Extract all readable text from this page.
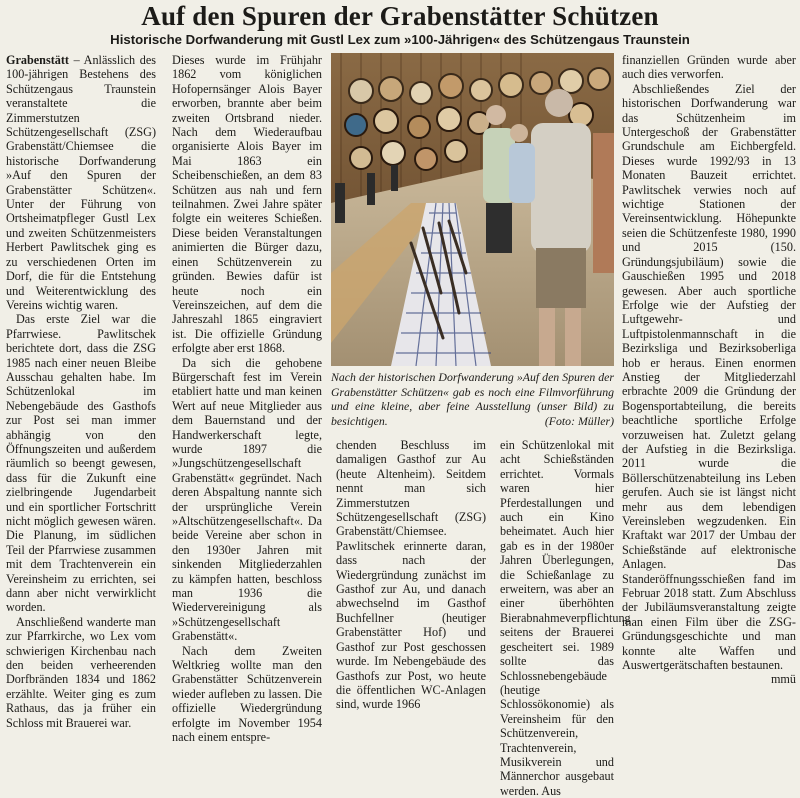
Auf den Spuren der Grabenstätter Schützen
Historische Dorfwanderung mit Gustl Lex zum »100-Jährigen« des Schützengaus Traunstein

Grabenstätt – Anlässlich des 100-jährigen Bestehens des Schützengaus Traunstein veranstaltete die Zimmerstutzen Schützengesellschaft (ZSG) Grabenstätt/Chiemsee die historische Dorfwanderung »Auf den Spuren der Grabenstätter Schützen«. Unter der Führung von Ortsheimatpfleger Gustl Lex und zweiten Schützenmeisters Herbert Pawlitschek ging es zu verschiedenen Orten im Dorf, die für die Entstehung und Weiterentwicklung des Vereins wichtig waren.

Das erste Ziel war die Pfarrwiese. Pawlitschek berichtete dort, dass die ZSG 1985 nach einer neuen Bleibe Ausschau gehalten habe. Im Schützenlokal im Nebengebäude des Gasthofs zur Post sei man immer abhängig von den Öffnungszeiten und außerdem räumlich so beengt gewesen, dass für die Zukunft eine zielbringende Jugendarbeit und ein sportlicher Fortschritt nicht möglich gewesen wären. Die Planung, im südlichen Teil der Pfarrwiese zusammen mit dem Trachtenverein ein Vereinsheim zu errichten, sei dann aber nicht verwirklicht worden.

Anschließend wanderte man zur Pfarrkirche, wo Lex vom schwierigen Kirchenbau nach den beiden verheerenden Dorfbränden 1834 und 1862 erzählte. Weiter ging es zum Rathaus, das ja früher ein Schloss mit Brauerei war.

Dieses wurde im Frühjahr 1862 vom königlichen Hofopernsänger Alois Bayer erworben, brannte aber beim zweiten Ortsbrand nieder. Nach dem Wiederaufbau organisierte Alois Bayer im Mai 1863 ein Scheibenschießen, an dem 83 Schützen aus nah und fern teilnahmen. Zwei Jahre später folgte ein weiteres Schießen. Diese beiden Veranstaltungen animierten die Bürger dazu, einen Schützenverein zu gründen. Bewies dafür ist heute noch ein Vereinszeichen, auf dem die Jahreszahl 1865 eingraviert ist. Die offizielle Gründung erfolgte aber erst 1868.

Da sich die gehobene Bürgerschaft fest im Verein etabliert hatte und man keinen Wert auf neue Mitglieder aus dem Bauernstand und der Handwerkerschaft legte, wurde 1897 die »Jungschützengesellschaft Grabenstätt« gegründet. Nach deren Abspaltung nannte sich der ursprüngliche Verein »Altschützengesellschaft«. Da beide Vereine aber schon in den 1930er Jahren mit sinkenden Mitgliederzahlen zu kämpfen hatten, beschloss man 1936 die Wiedervereinigung als »Schützengesellschaft Grabenstätt«.

Nach dem Zweiten Weltkrieg wollte man den Grabenstätter Schützenverein wieder aufleben zu lassen. Die offizielle Wiedergründung erfolgte im November 1954 nach einem entspre-

Nach der historischen Dorfwanderung »Auf den Spuren der Grabenstätter Schützen« gab es noch eine Filmvorführung und eine kleine, aber feine Ausstellung (unser Bild) zu besichtigen.	(Foto: Müller)

chenden Beschluss im damaligen Gasthof zur Au (heute Altenheim). Seitdem nennt man sich Zimmerstutzen Schützengesellschaft (ZSG) Grabenstätt/Chiemsee. Pawlitschek erinnerte daran, dass nach der Wiedergründung zunächst im Gasthof zur Au, und danach abwechselnd im Gasthof Buchfellner (heutiger Grabenstätter Hof) und Gasthof zur Post geschossen wurde. Im Nebengebäude des Gasthofs zur Post, wo heute die öffentlichen WC-Anlagen sind, wurde 1966

ein Schützenlokal mit acht Schießständen errichtet. Vormals waren hier Pferdestallungen und auch ein Kino beheimatet. Auch hier gab es in der 1980er Jahren Überlegungen, die Schießanlage zu erweitern, was aber an einer überhöhten Bierabnahmeverpflichtung seitens der Brauerei gescheitert sei. 1989 sollte das Schlossnebengebäude (heutige Schlossökonomie) als Vereinsheim für den Schützenverein, Trachtenverein, Musikverein und Männerchor ausgebaut werden. Aus

finanziellen Gründen wurde aber auch dies verworfen.

Abschließendes Ziel der historischen Dorfwanderung war das Schützenheim im Untergeschoß der Grabenstätter Grundschule am Eichbergfeld. Dieses wurde 1992/93 in 13 Monaten Bauzeit errichtet. Pawlitschek verwies noch auf wichtige Stationen der Vereinsentwicklung. Höhepunkte seien die Schützenfeste 1980, 1990 und 2015 (150. Gründungsjubiläum) sowie die Gauschießen 1995 und 2018 gewesen. Aber auch sportliche Erfolge wie der Aufstieg der Luftgewehr- und Luftpistolenmannschaft in die Bezirksliga und Bezirksoberliga hob er heraus. Einen enormen Anstieg der Mitgliederzahl erbrachte 2009 die Gründung der Bogensportabteilung, die bereits beachtliche sportliche Erfolge vorzuweisen hat. Zuletzt gelang der Aufstieg in die Bezirksliga. 2011 wurde die Böllerschützenabteilung ins Leben gerufen. Auch sie ist längst nicht mehr aus dem lebendigen Vereinsleben wegzudenken. Ein Kraftakt war 2017 der Umbau der Schießstände auf elektronische Anlagen. Das Standeröffnungsschießen fand im Februar 2018 statt. Zum Abschluss der Jubiläumsveranstaltung zeigte man einen Film über die ZSG-Gründungsgeschichte und man konnte alte Waffen und Auswertgerätschaften bestaunen.
mmü
